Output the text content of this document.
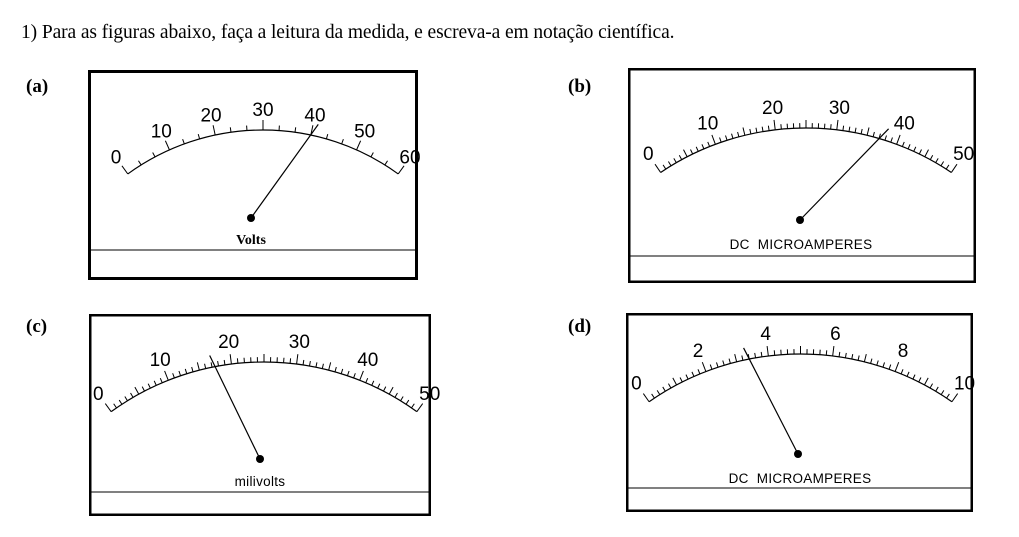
1) Para as figuras abaixo, faça a leitura da medida, e escreva-a em notação científica.
(a)	(b)
(c)	(d)
0
10
20 30 40
50
60
Volts
0
10
20 30
40
50
DC  MICROAMPERES
0
10
20	30
40
50
milivolts
0
2
4	6
8
10
DC  MICROAMPERES
